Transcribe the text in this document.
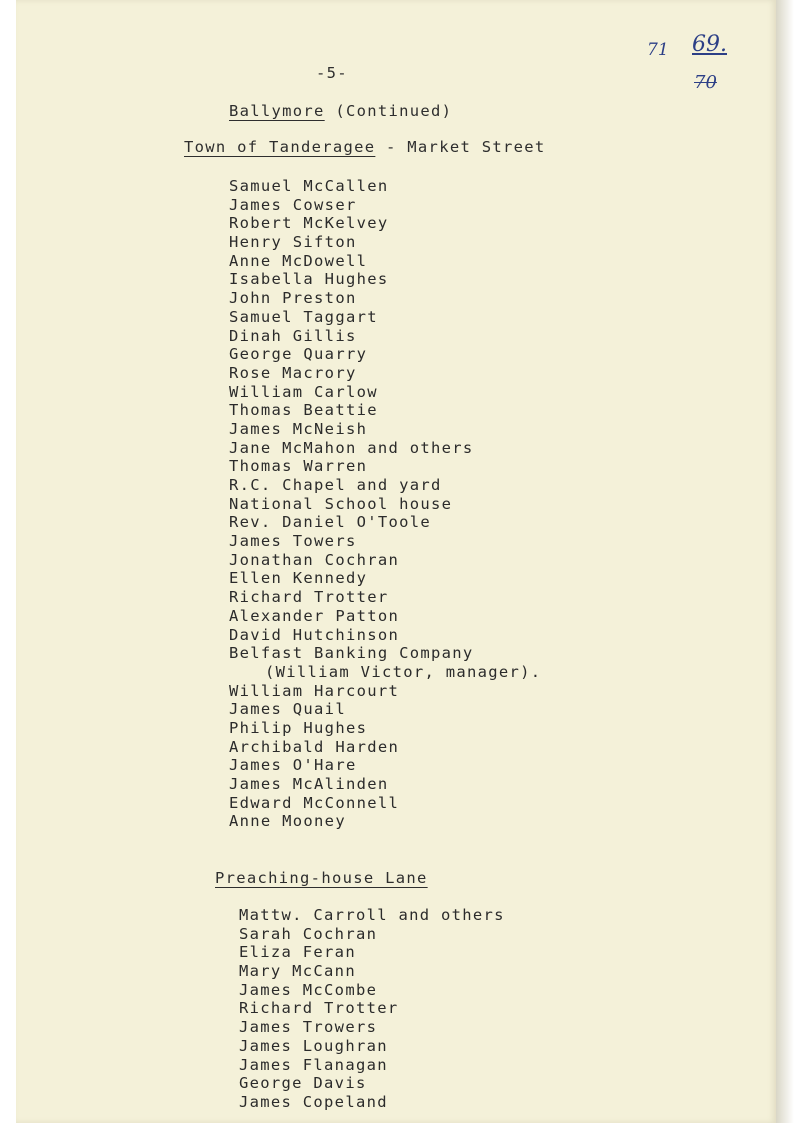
71 69.
70
-5-
Ballymore (Continued)
Town of Tanderagee - Market Street
Samuel McCallen
James Cowser
Robert McKelvey
Henry Sifton
Anne McDowell
Isabella Hughes
John Preston
Samuel Taggart
Dinah Gillis
George Quarry
Rose Macrory
William Carlow
Thomas Beattie
James McNeish
Jane McMahon and others
Thomas Warren
R.C. Chapel and yard
National School house
Rev. Daniel O'Toole
James Towers
Jonathan Cochran
Ellen Kennedy
Richard Trotter
Alexander Patton
David Hutchinson
Belfast Banking Company
(William Victor, manager).
William Harcourt
James Quail
Philip Hughes
Archibald Harden
James O'Hare
James McAlinden
Edward McConnell
Anne Mooney
Preaching-house Lane
Mattw. Carroll and others
Sarah Cochran
Eliza Feran
Mary McCann
James McCombe
Richard Trotter
James Trowers
James Loughran
James Flanagan
George Davis
James Copeland
